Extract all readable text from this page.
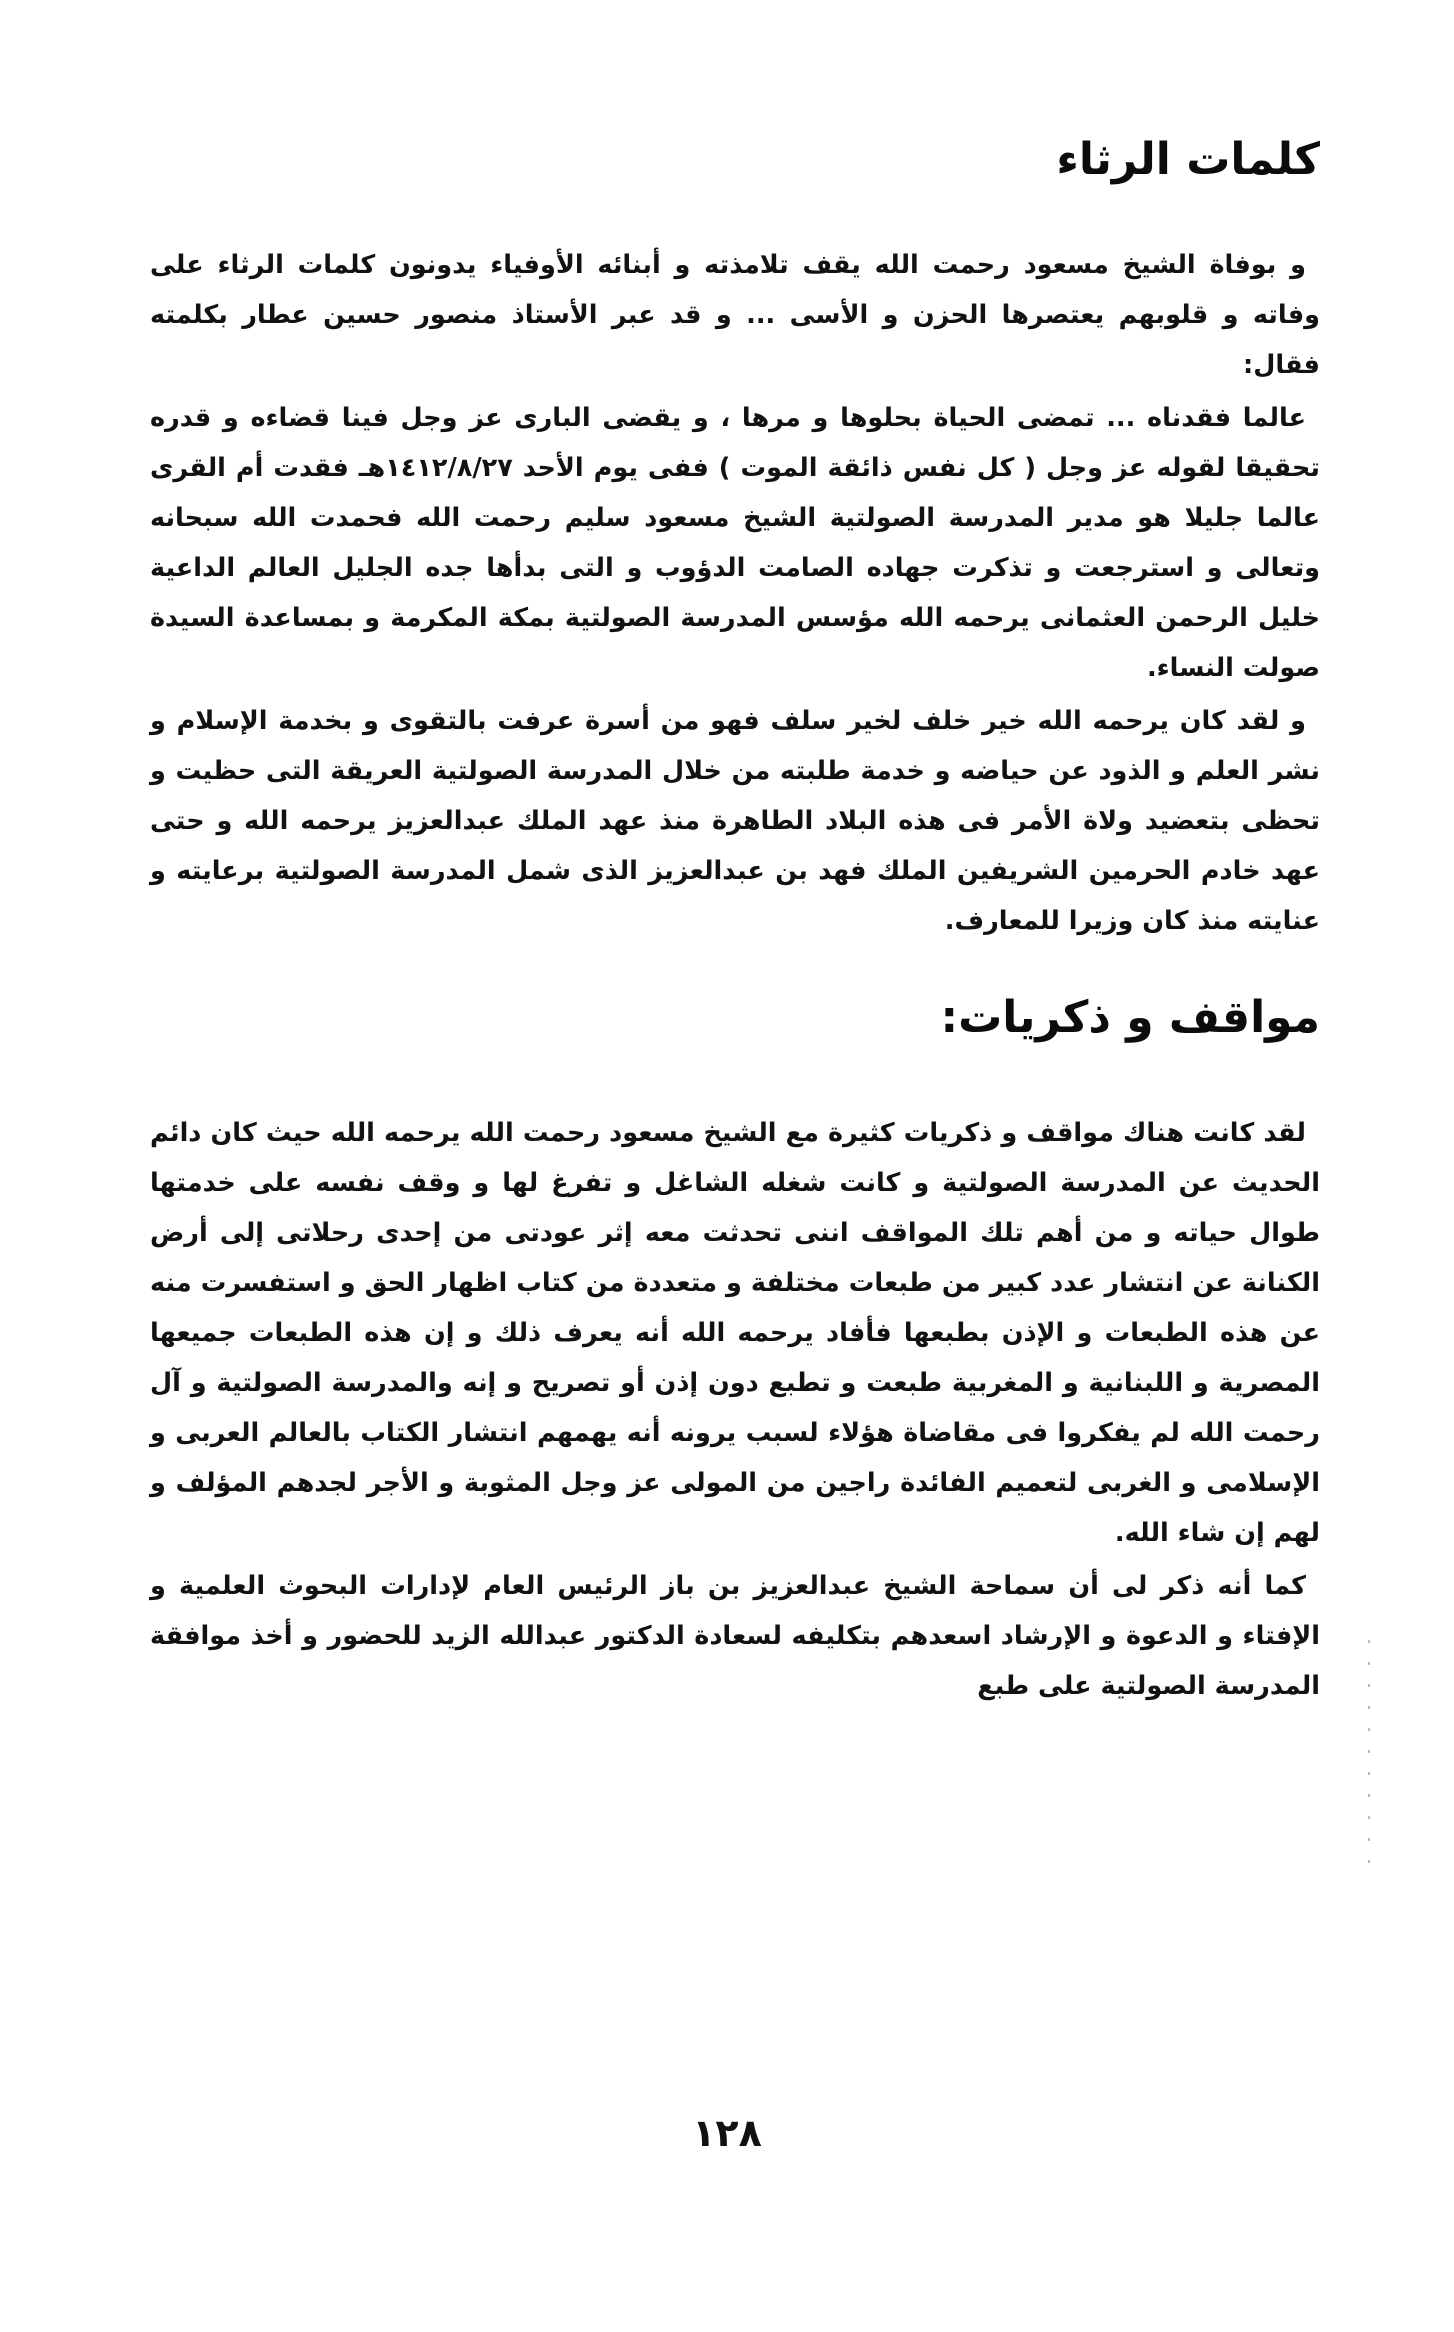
كلمات الرثاء

و بوفاة الشيخ مسعود رحمت الله يقف تلامذته و أبنائه الأوفياء يدونون كلمات الرثاء على وفاته و قلوبهم يعتصرها الحزن و الأسى ... و قد عبر الأستاذ منصور حسين عطار بكلمته فقال:

عالما فقدناه ... تمضى الحياة بحلوها و مرها ، و يقضى البارى عز وجل فينا قضاءه و قدره تحقيقا لقوله عز وجل ( كل نفس ذائقة الموت ) ففى يوم الأحد ١٤١٢/٨/٢٧هـ فقدت أم القرى عالما جليلا هو مدير المدرسة الصولتية الشيخ مسعود سليم رحمت الله فحمدت الله سبحانه وتعالى و استرجعت و تذكرت جهاده الصامت الدؤوب و التى بدأها جده الجليل العالم الداعية خليل الرحمن العثمانى يرحمه الله مؤسس المدرسة الصولتية بمكة المكرمة و بمساعدة السيدة صولت النساء.

و لقد كان يرحمه الله خير خلف لخير سلف فهو من أسرة عرفت بالتقوى و بخدمة الإسلام و نشر العلم و الذود عن حياضه و خدمة طلبته من خلال المدرسة الصولتية العريقة التى حظيت و تحظى بتعضيد ولاة الأمر فى هذه البلاد الطاهرة منذ عهد الملك عبدالعزيز يرحمه الله و حتى عهد خادم الحرمين الشريفين الملك فهد بن عبدالعزيز الذى شمل المدرسة الصولتية برعايته و عنايته منذ كان وزيرا للمعارف.

مواقف و ذكريات:

لقد كانت هناك مواقف و ذكريات كثيرة مع الشيخ مسعود رحمت الله يرحمه الله حيث كان دائم الحديث عن المدرسة الصولتية و كانت شغله الشاغل و تفرغ لها و وقف نفسه على خدمتها طوال حياته و من أهم تلك المواقف اننى تحدثت معه إثر عودتى من إحدى رحلاتى إلى أرض الكنانة عن انتشار عدد كبير من طبعات مختلفة و متعددة من كتاب اظهار الحق و استفسرت منه عن هذه الطبعات و الإذن بطبعها فأفاد يرحمه الله أنه يعرف ذلك و إن هذه الطبعات جميعها المصرية و اللبنانية و المغربية طبعت و تطبع دون إذن أو تصريح و إنه والمدرسة الصولتية و آل رحمت الله لم يفكروا فى مقاضاة هؤلاء لسبب يرونه أنه يهمهم انتشار الكتاب بالعالم العربى و الإسلامى و الغربى لتعميم الفائدة راجين من المولى عز وجل المثوبة و الأجر لجدهم المؤلف و لهم إن شاء الله.

كما أنه ذكر لى أن سماحة الشيخ عبدالعزيز بن باز الرئيس العام لإدارات البحوث العلمية و الإفتاء و الدعوة و الإرشاد اسعدهم بتكليفه لسعادة الدكتور عبدالله الزيد للحضور و أخذ موافقة المدرسة الصولتية على طبع

١٢٨
